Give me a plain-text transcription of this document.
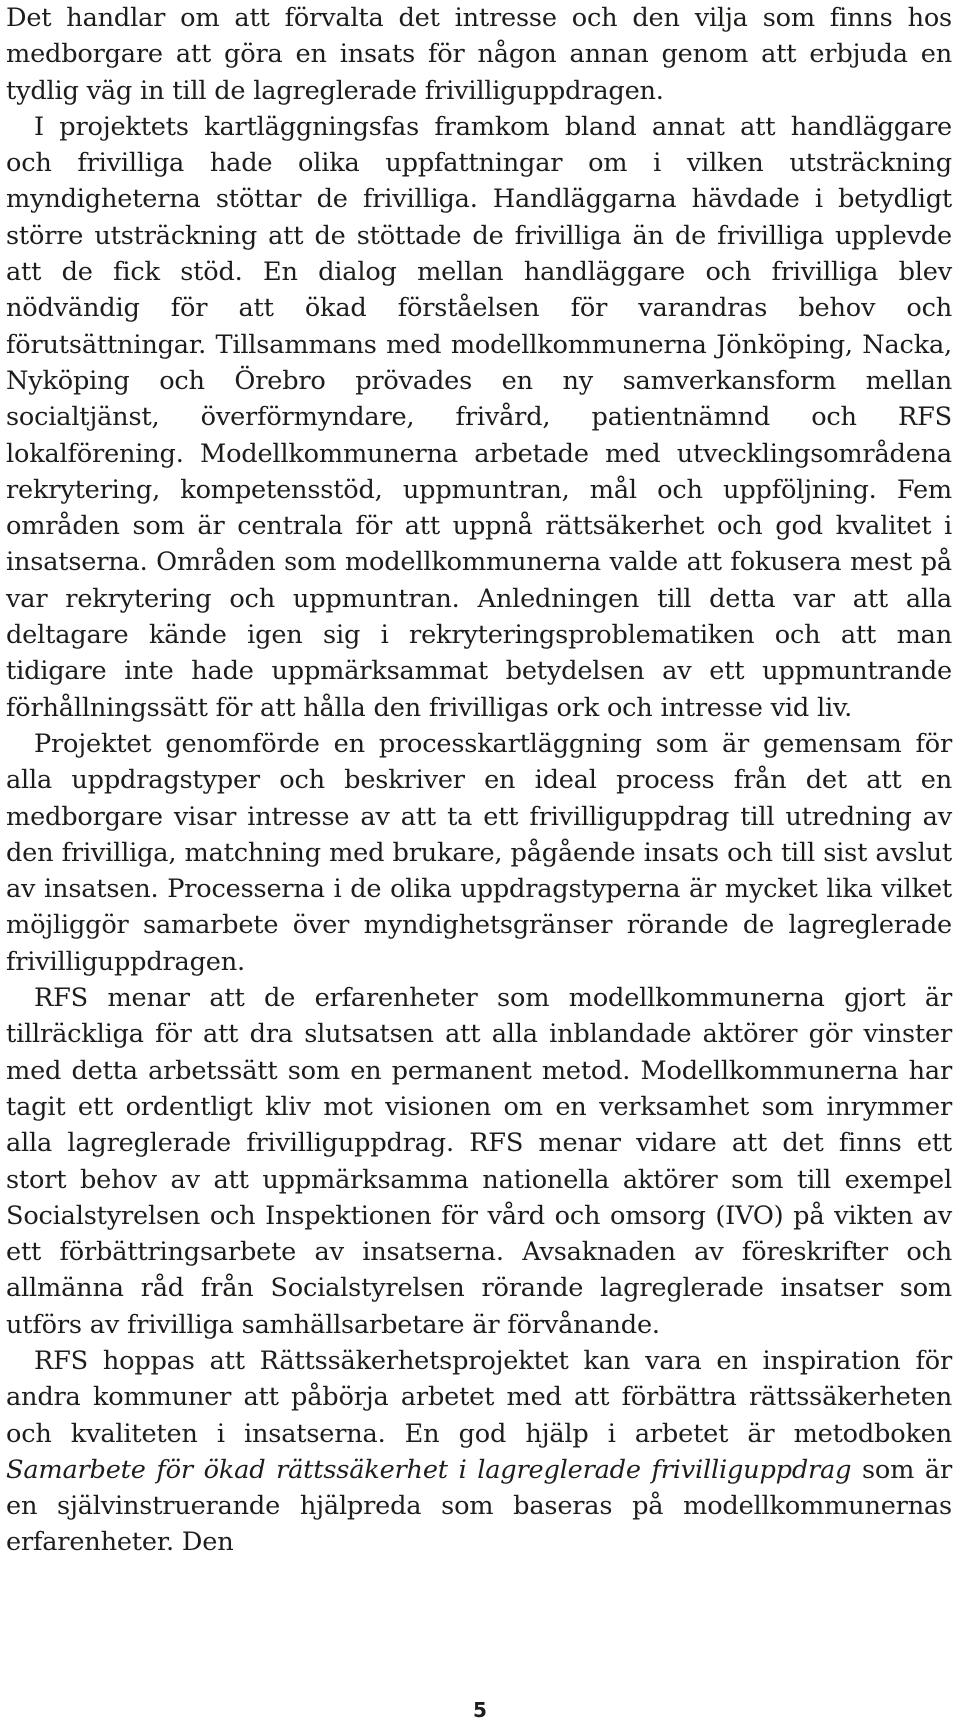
Det handlar om att förvalta det intresse och den vilja som finns hos medborgare att göra en insats för någon annan genom att erbjuda en tydlig väg in till de lagreglerade frivilliguppdragen.

I projektets kartläggningsfas framkom bland annat att handläggare och frivilliga hade olika uppfattningar om i vilken utsträckning myndigheterna stöttar de frivilliga. Handläggarna hävdade i betydligt större utsträckning att de stöttade de frivilliga än de frivilliga upplevde att de fick stöd. En dialog mellan handläggare och frivilliga blev nödvändig för att ökad förståelsen för varandras behov och förutsättningar. Tillsammans med modellkommunerna Jönköping, Nacka, Nyköping och Örebro prövades en ny samverkansform mellan socialtjänst, överförmyndare, frivård, patientnämnd och RFS lokalförening. Modellkommunerna arbetade med utvecklingsområdena rekrytering, kompetensstöd, uppmuntran, mål och uppföljning. Fem områden som är centrala för att uppnå rättsäkerhet och god kvalitet i insatserna. Områden som modellkommunerna valde att fokusera mest på var rekrytering och uppmuntran. Anledningen till detta var att alla deltagare kände igen sig i rekryteringsproblematiken och att man tidigare inte hade uppmärksammat betydelsen av ett uppmuntrande förhållningssätt för att hålla den frivilligas ork och intresse vid liv.

Projektet genomförde en processkartläggning som är gemensam för alla uppdragstyper och beskriver en ideal process från det att en medborgare visar intresse av att ta ett frivilliguppdrag till utredning av den frivilliga, matchning med brukare, pågående insats och till sist avslut av insatsen. Processerna i de olika uppdragstyperna är mycket lika vilket möjliggör samarbete över myndighetsgränser rörande de lagreglerade frivilliguppdragen.

RFS menar att de erfarenheter som modellkommunerna gjort är tillräckliga för att dra slutsatsen att alla inblandade aktörer gör vinster med detta arbetssätt som en permanent metod. Modellkommunerna har tagit ett ordentligt kliv mot visionen om en verksamhet som inrymmer alla lagreglerade frivilliguppdrag. RFS menar vidare att det finns ett stort behov av att uppmärksamma nationella aktörer som till exempel Socialstyrelsen och Inspektionen för vård och omsorg (IVO) på vikten av ett förbättringsarbete av insatserna. Avsaknaden av föreskrifter och allmänna råd från Socialstyrelsen rörande lagreglerade insatser som utförs av frivilliga samhällsarbetare är förvånande.

RFS hoppas att Rättssäkerhetsprojektet kan vara en inspiration för andra kommuner att påbörja arbetet med att förbättra rättssäkerheten och kvaliteten i insatserna. En god hjälp i arbetet är metodboken Samarbete för ökad rättssäkerhet i lagreglerade frivilliguppdrag som är en självinstruerande hjälpreda som baseras på modellkommunernas erfarenheter. Den

5
